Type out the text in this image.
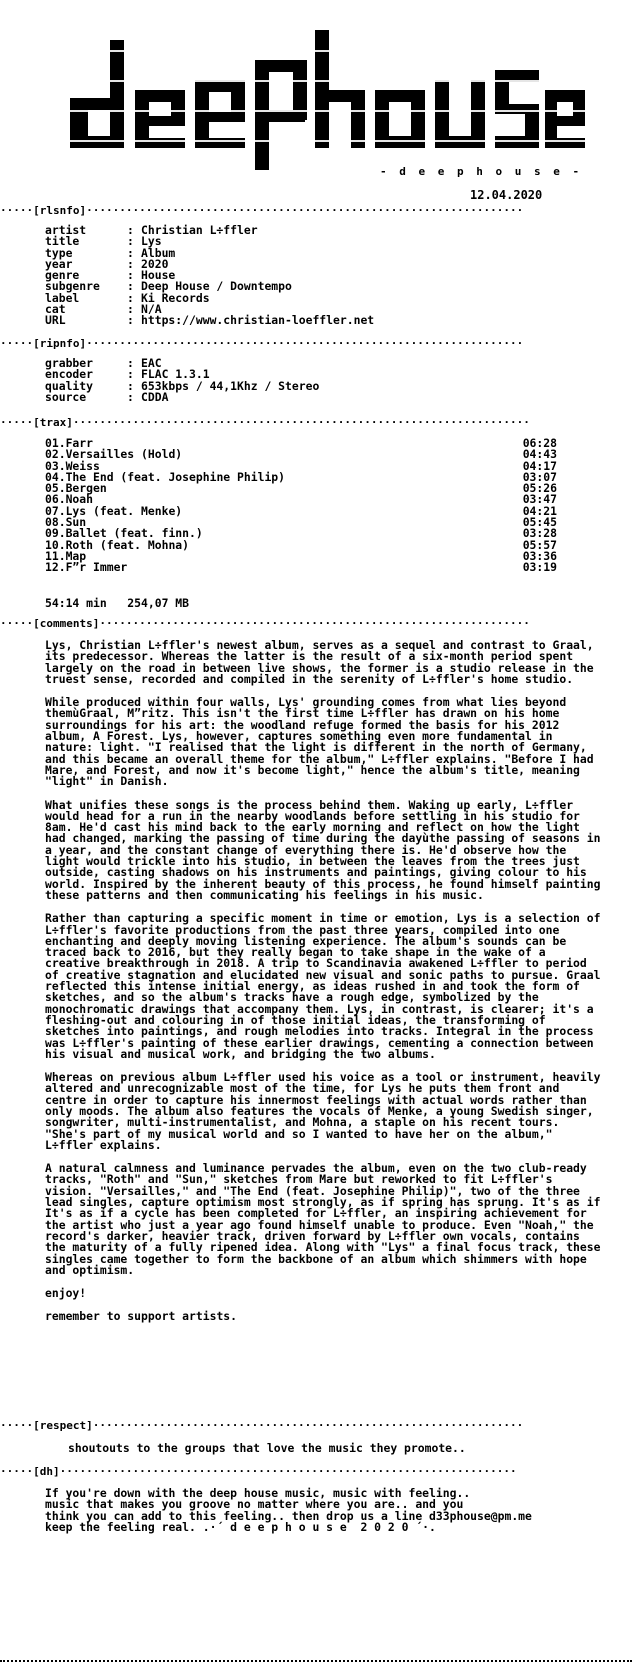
- d e e p h o u s e -
12.04.2020
·····[rlsnfo]··································································
artist	: Christian L÷ffler
title	: Lys
type	: Album
year	: 2020
genre	: House
subgenre	: Deep House / Downtempo
label	: Ki Records
cat	: N/A
URL	: https://www.christian-loeffler.net
·····[ripnfo]··································································
grabber	: EAC
encoder	: FLAC 1.3.1
quality	: 653kbps / 44,1Khz / Stereo
source	: CDDA
·····[trax]·····································································
01.Farr	06:28
02.Versailles (Hold)	04:43
03.Weiss	04:17
04.The End (feat. Josephine Philip)	03:07
05.Bergen	05:26
06.Noah	03:47
07.Lys (feat. Menke)	04:21
08.Sun	05:45
09.Ballet (feat. finn.)	03:28
10.Roth (feat. Mohna)	05:57
11.Map	03:36
12.F”r Immer	03:19
54:14 min   254,07 MB
·····[comments]·································································

Lys, Christian L÷ffler's newest album, serves as a sequel and contrast to Graal, its predecessor. Whereas the latter is the result of a six-month period spent largely on the road in between live shows, the former is a studio release in the truest sense, recorded and compiled in the serenity of L÷ffler's home studio.

While produced within four walls, Lys' grounding comes from what lies beyond themùGraal, M”ritz. This isn't the first time L÷ffler has drawn on his home surroundings for his art: the woodland refuge formed the basis for his 2012 album, A Forest. Lys, however, captures something even more fundamental in nature: light. "I realised that the light is different in the north of Germany, and this became an overall theme for the album," L÷ffler explains. "Before I had Mare, and Forest, and now it's become light," hence the album's title, meaning "light" in Danish.

What unifies these songs is the process behind them. Waking up early, L÷ffler would head for a run in the nearby woodlands before settling in his studio for 8am. He'd cast his mind back to the early morning and reflect on how the light had changed, marking the passing of time during the dayùthe passing of seasons in a year, and the constant change of everything there is. He'd observe how the light would trickle into his studio, in between the leaves from the trees just outside, casting shadows on his instruments and paintings, giving colour to his world. Inspired by the inherent beauty of this process, he found himself painting these patterns and then communicating his feelings in his music.

Rather than capturing a specific moment in time or emotion, Lys is a selection of L÷ffler's favorite productions from the past three years, compiled into one enchanting and deeply moving listening experience. The album's sounds can be traced back to 2016, but they really began to take shape in the wake of a creative breakthrough in 2018. A trip to Scandinavia awakened L÷ffler to period of creative stagnation and elucidated new visual and sonic paths to pursue. Graal reflected this intense initial energy, as ideas rushed in and took the form of sketches, and so the album's tracks have a rough edge, symbolized by the monochromatic drawings that accompany them. Lys, in contrast, is clearer; it's a fleshing-out and colouring in of those initial ideas, the transforming of sketches into paintings, and rough melodies into tracks. Integral in the process was L÷ffler's painting of these earlier drawings, cementing a connection between his visual and musical work, and bridging the two albums.

Whereas on previous album L÷ffler used his voice as a tool or instrument, heavily altered and unrecognizable most of the time, for Lys he puts them front and centre in order to capture his innermost feelings with actual words rather than only moods. The album also features the vocals of Menke, a young Swedish singer, songwriter, multi-instrumentalist, and Mohna, a staple on his recent tours. "She's part of my musical world and so I wanted to have her on the album," L÷ffler explains.

A natural calmness and luminance pervades the album, even on the two club-ready tracks, "Roth" and "Sun," sketches from Mare but reworked to fit L÷ffler's vision. "Versailles," and "The End (feat. Josephine Philip)", two of the three lead singles, capture optimism most strongly, as if spring has sprung. It's as if It's as if a cycle has been completed for L÷ffler, an inspiring achievement for the artist who just a year ago found himself unable to produce. Even "Noah," the record's darker, heavier track, driven forward by L÷ffler own vocals, contains the maturity of a fully ripened idea. Along with "Lys" a final focus track, these singles came together to form the backbone of an album which shimmers with hope and optimism.

enjoy!

remember to support artists.

·····[respect]·································································
shoutouts to the groups that love the music they promote..
·····[dh]·····································································
If you're down with the deep house music, music with feeling..
music that makes you groove no matter where you are.. and you
think you can add to this feeling.. then drop us a line d33phouse@pm.me
keep the feeling real. .·´ d e e p h o u s e  2 0 2 0 ´·.
